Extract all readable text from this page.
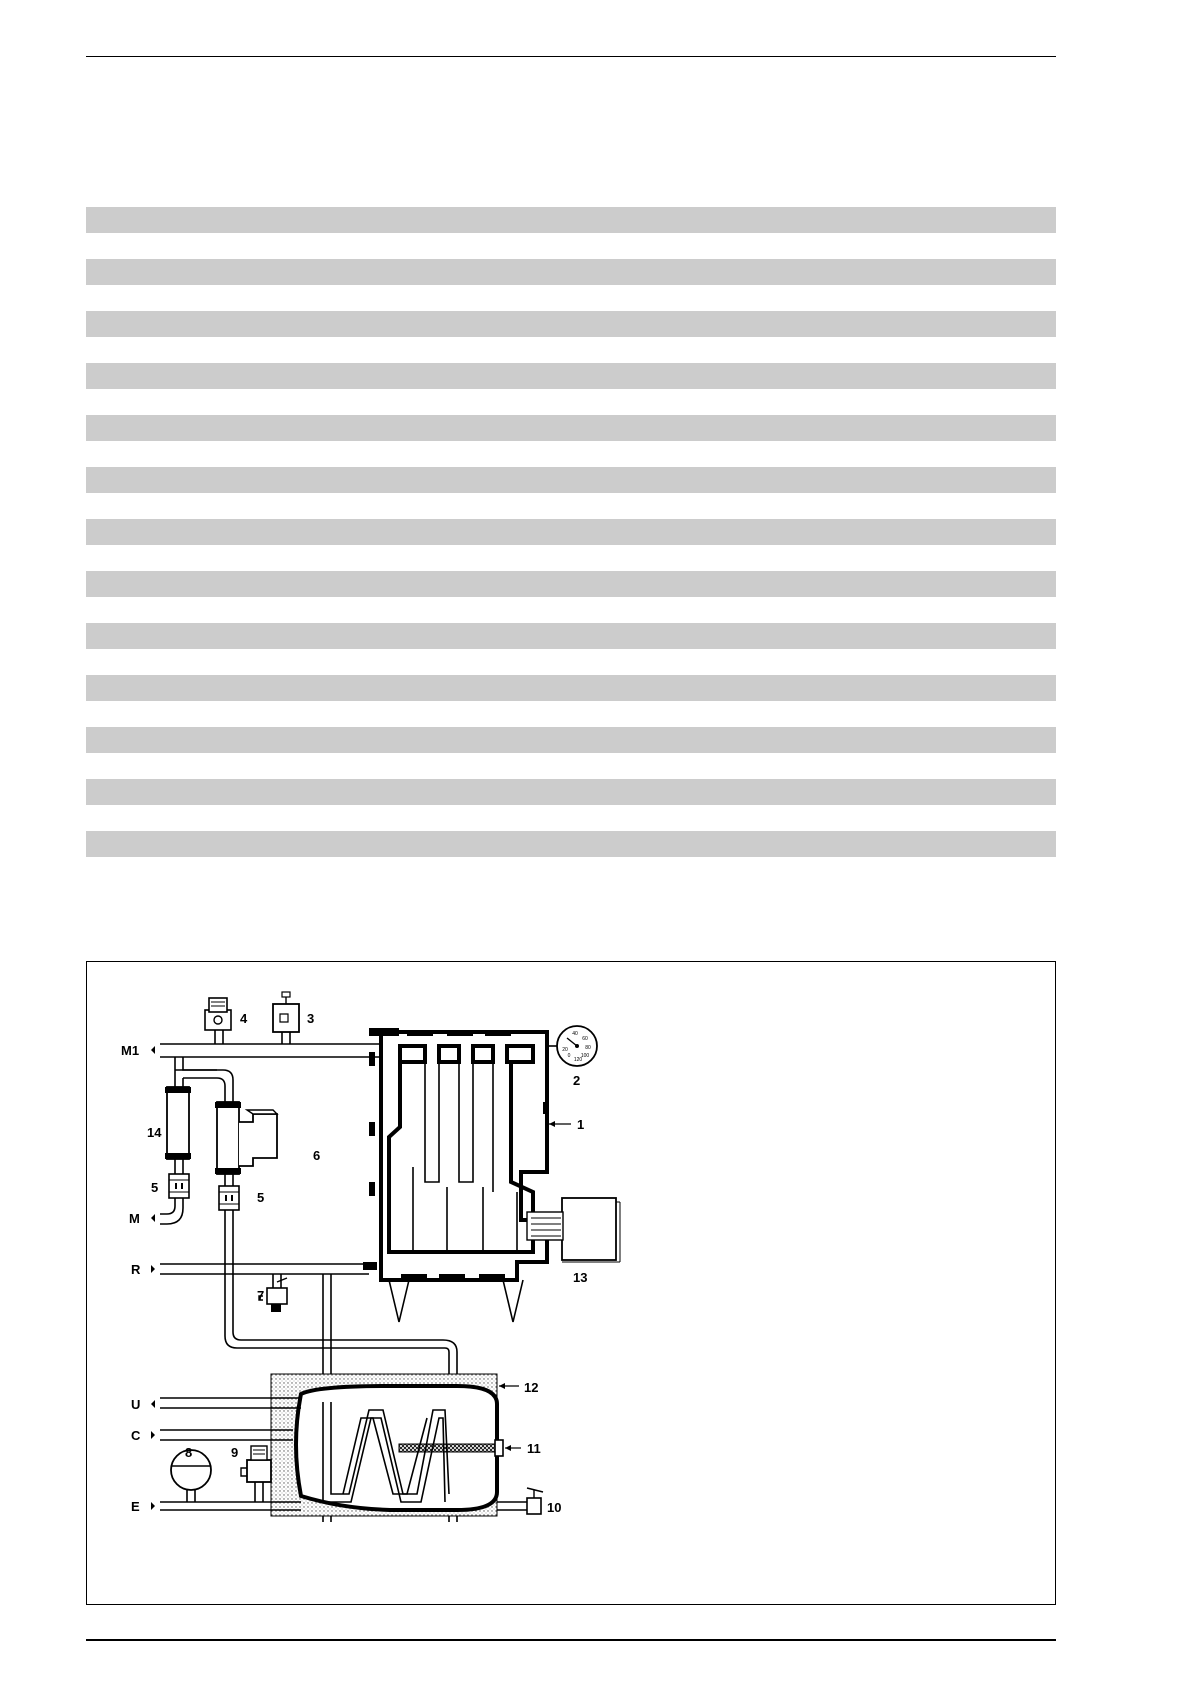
40
60
80
20
100
0
120
4	3
2
1
14
6
5
5
13
7
12
11
8	9
10
M1
M
R
U
C
E
